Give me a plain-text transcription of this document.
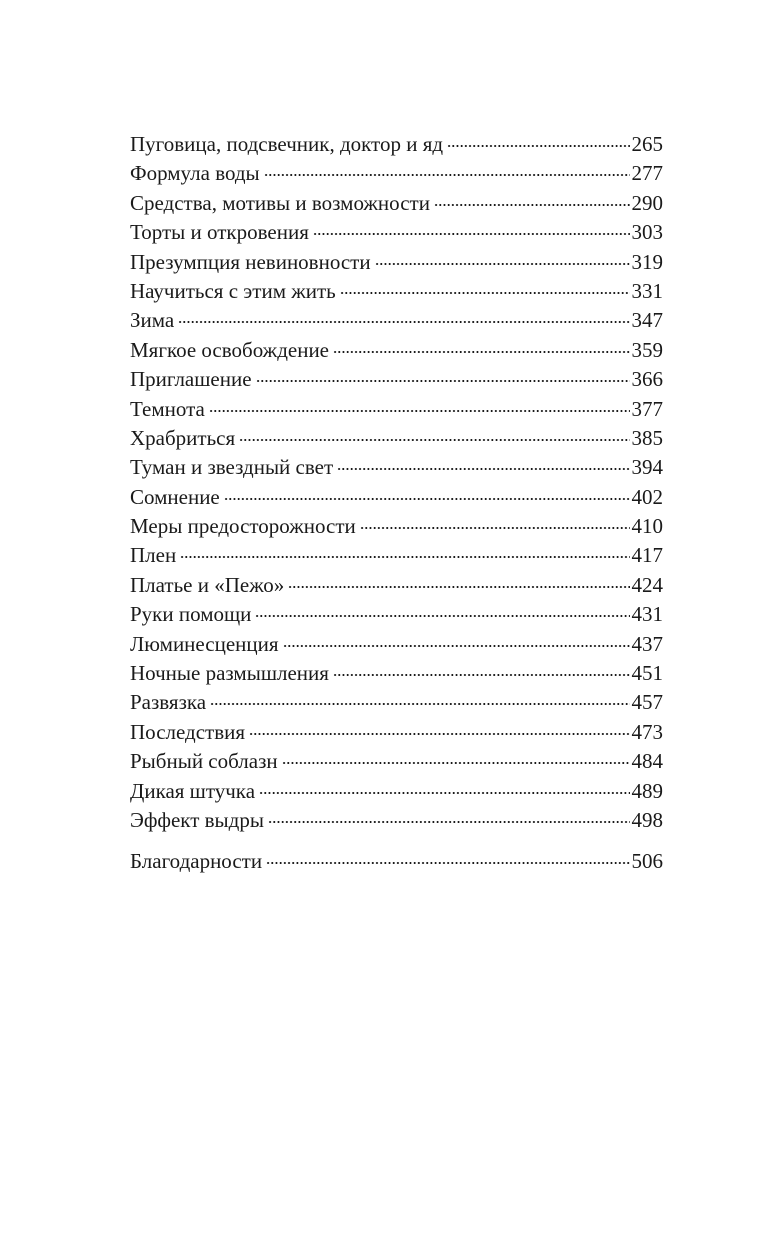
Пуговица, подсвечник, доктор и яд	265
Формула воды	277
Средства, мотивы и возможности	290
Торты и откровения	303
Презумпция невиновности	319
Научиться с этим жить	331
Зима	347
Мягкое освобождение	359
Приглашение	366
Темнота	377
Храбриться	385
Туман и звездный свет	394
Сомнение	402
Меры предосторожности	410
Плен	417
Платье и «Пежо»	424
Руки помощи	431
Люминесценция	437
Ночные размышления	451
Развязка	457
Последствия	473
Рыбный соблазн	484
Дикая штучка	489
Эффект выдры	498
Благодарности	506
